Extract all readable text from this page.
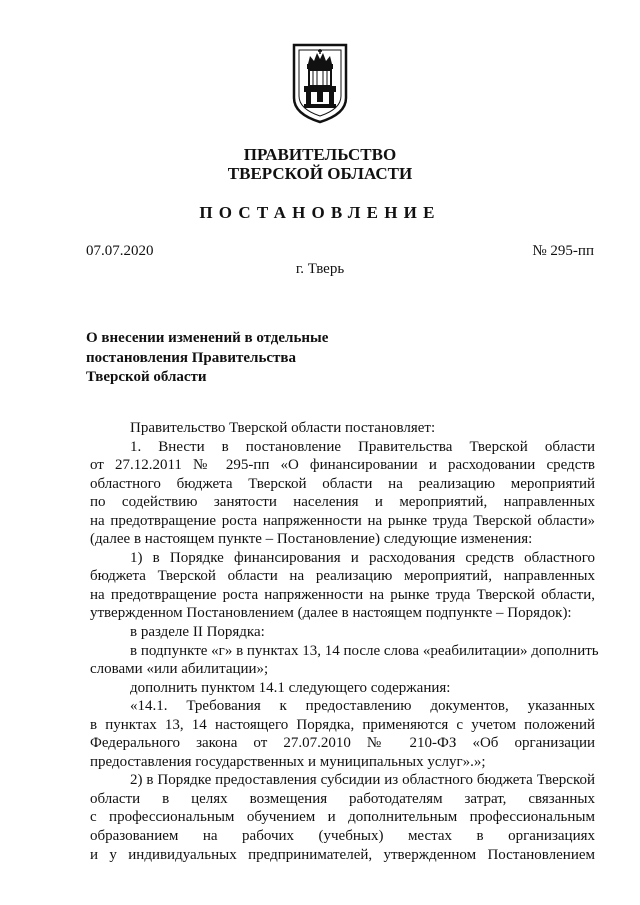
ПРАВИТЕЛЬСТВО
ТВЕРСКОЙ ОБЛАСТИ
ПОСТАНОВЛЕНИЕ
07.07.2020	№ 295-пп
г. Тверь
О внесении изменений в отдельные
постановления Правительства
Тверской области
Правительство Тверской области постановляет:
1. Внести в постановление Правительства Тверской области
от 27.12.2011 № 295-пп «О финансировании и расходовании средств
областного бюджета Тверской области на реализацию мероприятий
по содействию занятости населения и мероприятий, направленных
на предотвращение роста напряженности на рынке труда Тверской области»
(далее в настоящем пункте – Постановление) следующие изменения:
1) в Порядке финансирования и расходования средств областного
бюджета Тверской области на реализацию мероприятий, направленных
на предотвращение роста напряженности на рынке труда Тверской области,
утвержденном Постановлением (далее в настоящем подпункте – Порядок):
в разделе II Порядка:
в подпункте «г» в пунктах 13, 14 после слова «реабилитации» дополнить
словами «или абилитации»;
дополнить пунктом 14.1 следующего содержания:
«14.1. Требования к предоставлению документов, указанных
в пунктах 13, 14 настоящего Порядка, применяются с учетом положений
Федерального закона от 27.07.2010 № 210-ФЗ «Об организации
предоставления государственных и муниципальных услуг».»;
2) в Порядке предоставления субсидии из областного бюджета Тверской
области в целях возмещения работодателям затрат, связанных
с профессиональным обучением и дополнительным профессиональным
образованием на рабочих (учебных) местах в организациях
и у индивидуальных предпринимателей, утвержденном Постановлением
